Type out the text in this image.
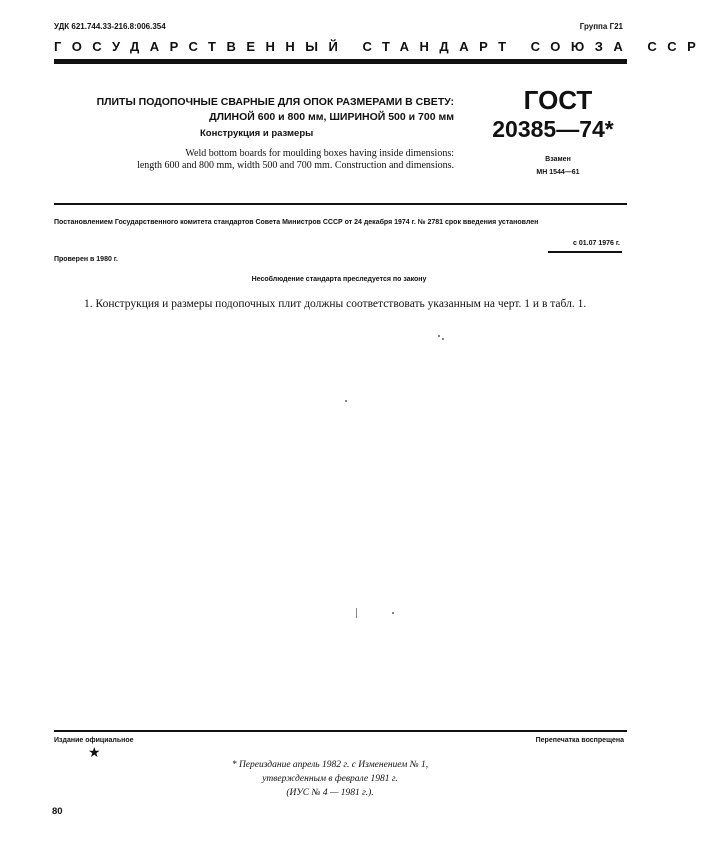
УДК 621.744.33-216.8:006.354	Группа Г21
ГОСУДАРСТВЕННЫЙ СТАНДАРТ СОЮЗА ССР
ПЛИТЫ ПОДОПОЧНЫЕ СВАРНЫЕ ДЛЯ ОПОК РАЗМЕРАМИ В СВЕТУ:
ДЛИНОЙ 600 и 800 мм, ШИРИНОЙ 500 и 700 мм
Конструкция и размеры
Weld bottom boards for moulding boxes having inside dimensions:
length 600 and 800 mm, width 500 and 700 mm. Construction and dimensions.
ГОСТ
20385—74*
Взамен
МН 1544—61
Постановлением Государственного комитета стандартов Совета Министров СССР от 24 декабря 1974 г. № 2781 срок введения установлен
с 01.07 1976 г.
Проверен в 1980 г.
Несоблюдение стандарта преследуется по закону
1. Конструкция и размеры подопочных плит должны соответствовать указанным на черт. 1 и в табл. 1.
Издание официальное
★
Перепечатка воспрещена
* Переиздание апрель 1982 г. с Изменением № 1,
утвержденным в феврале 1981 г.
(ИУС № 4 — 1981 г.).
80
